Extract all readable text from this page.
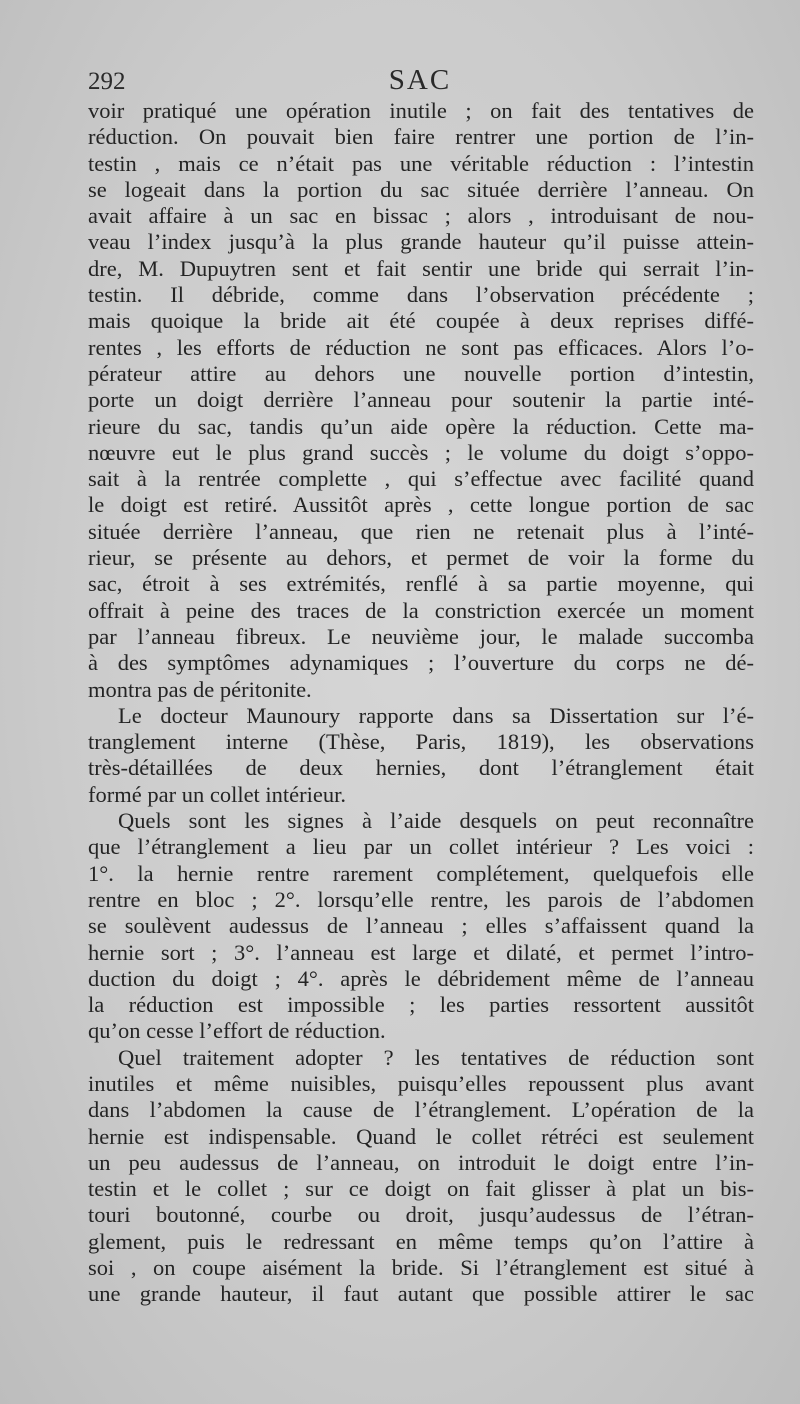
292	SAC
voir pratiqué une opération inutile ; on fait des tentatives de
réduction. On pouvait bien faire rentrer une portion de l’in-
testin , mais ce n’était pas une véritable réduction : l’intestin
se logeait dans la portion du sac située derrière l’anneau. On
avait affaire à un sac en bissac ; alors , introduisant de nou-
veau l’index jusqu’à la plus grande hauteur qu’il puisse attein-
dre, M. Dupuytren sent et fait sentir une bride qui serrait l’in-
testin. Il débride, comme dans l’observation précédente ;
mais quoique la bride ait été coupée à deux reprises diffé-
rentes , les efforts de réduction ne sont pas efficaces. Alors l’o-
pérateur attire au dehors une nouvelle portion d’intestin,
porte un doigt derrière l’anneau pour soutenir la partie inté-
rieure du sac, tandis qu’un aide opère la réduction. Cette ma-
nœuvre eut le plus grand succès ; le volume du doigt s’oppo-
sait à la rentrée complette , qui s’effectue avec facilité quand
le doigt est retiré. Aussitôt après , cette longue portion de sac
située derrière l’anneau, que rien ne retenait plus à l’inté-
rieur, se présente au dehors, et permet de voir la forme du
sac, étroit à ses extrémités, renflé à sa partie moyenne, qui
offrait à peine des traces de la constriction exercée un moment
par l’anneau fibreux. Le neuvième jour, le malade succomba
à des symptômes adynamiques ; l’ouverture du corps ne dé-
montra pas de péritonite.
Le docteur Maunoury rapporte dans sa Dissertation sur l’é-
tranglement interne (Thèse, Paris, 1819), les observations
très-détaillées de deux hernies, dont l’étranglement était
formé par un collet intérieur.
Quels sont les signes à l’aide desquels on peut reconnaître
que l’étranglement a lieu par un collet intérieur ? Les voici :
1°. la hernie rentre rarement complétement, quelquefois elle
rentre en bloc ; 2°. lorsqu’elle rentre, les parois de l’abdomen
se soulèvent audessus de l’anneau ; elles s’affaissent quand la
hernie sort ; 3°. l’anneau est large et dilaté, et permet l’intro-
duction du doigt ; 4°. après le débridement même de l’anneau
la réduction est impossible ; les parties ressortent aussitôt
qu’on cesse l’effort de réduction.
Quel traitement adopter ? les tentatives de réduction sont
inutiles et même nuisibles, puisqu’elles repoussent plus avant
dans l’abdomen la cause de l’étranglement. L’opération de la
hernie est indispensable. Quand le collet rétréci est seulement
un peu audessus de l’anneau, on introduit le doigt entre l’in-
testin et le collet ; sur ce doigt on fait glisser à plat un bis-
touri boutonné, courbe ou droit, jusqu’audessus de l’étran-
glement, puis le redressant en même temps qu’on l’attire à
soi , on coupe aisément la bride. Si l’étranglement est situé à
une grande hauteur, il faut autant que possible attirer le sac
